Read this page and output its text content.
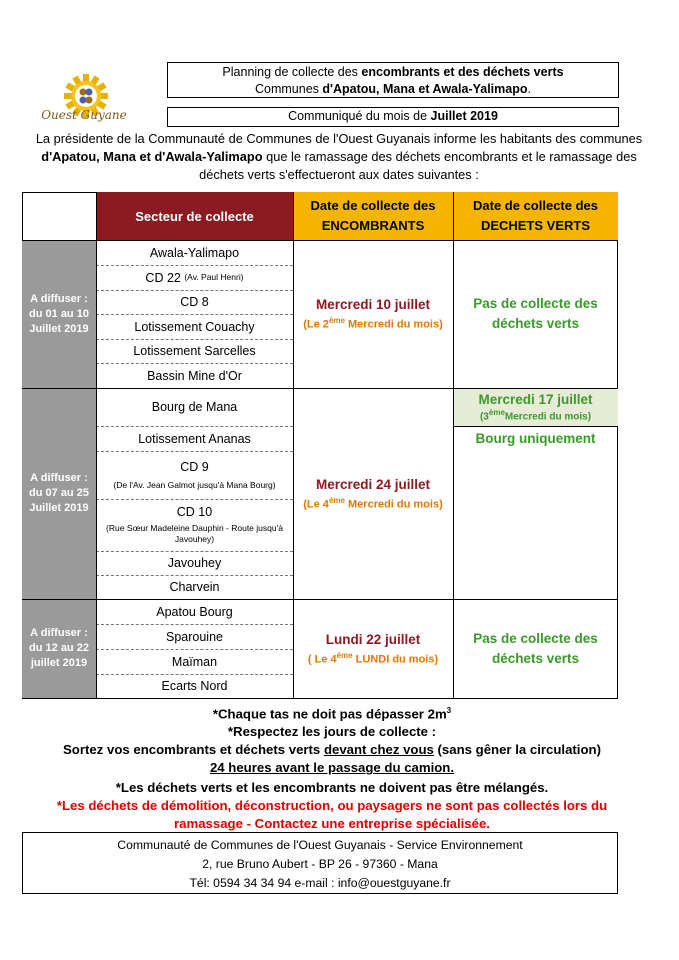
Ouest Guyane
Planning de collecte des encombrants et des déchets verts
Communes d'Apatou, Mana et Awala-Yalimapo.
Communiqué du mois de Juillet 2019
La présidente de la Communauté de Communes de l'Ouest Guyanais informe les habitants des communes
d'Apatou, Mana et d'Awala-Yalimapo que le ramassage des déchets encombrants et le ramassage des
déchets verts s'effectueront aux dates suivantes :
Secteur de collecte
Date de collecte des
ENCOMBRANTS
Date de collecte des
DECHETS VERTS
A diffuser :
du 01 au 10
Juillet 2019
A diffuser :
du 07 au 25
Juillet 2019
A diffuser :
du 12 au 22
juillet 2019
Awala-Yalimapo
CD 22
(Av. Paul Henri)
CD 8
Lotissement Couachy
Lotissement Sarcelles
Bassin Mine d'Or
Bourg de Mana
Lotissement Ananas
CD 9
(De l'Av. Jean Galmot jusqu'à Mana Bourg)
CD 10
(Rue Sœur Madeleine Dauphin - Route jusqu'à Javouhey)
Javouhey
Charvein
Apatou Bourg
Sparouine
Maïman
Ecarts Nord
Mercredi 10 juillet
(Le 2ème Mercredi du mois)
Mercredi 24 juillet
(Le $4^{éme}$ Mercredi du mois)
Lundi 22 juillet
( Le $4^{éme}$ LUNDI du mois)
Pas de collecte des
déchets verts
Mercredi 17 juillet
(3èmeMercredi du mois)
Bourg uniquement
Pas de collecte des
déchets verts
*Chaque tas ne doit pas dépasser $2m^3$
*Respectez les jours de collecte :
Sortez vos encombrants et déchets verts devant chez vous (sans gêner la circulation)
24 heures avant le passage du camion.
*Les déchets verts et les encombrants ne doivent pas être mélangés.
*Les déchets de démolition, déconstruction, ou paysagers ne sont pas collectés lors du
ramassage - Contactez une entreprise spécialisée.
Communauté de Communes de l'Ouest Guyanais - Service Environnement
2, rue Bruno Aubert - BP 26 - 97360 - Mana
Tél: 0594 34 34 94 e-mail : info@ouestguyane.fr
